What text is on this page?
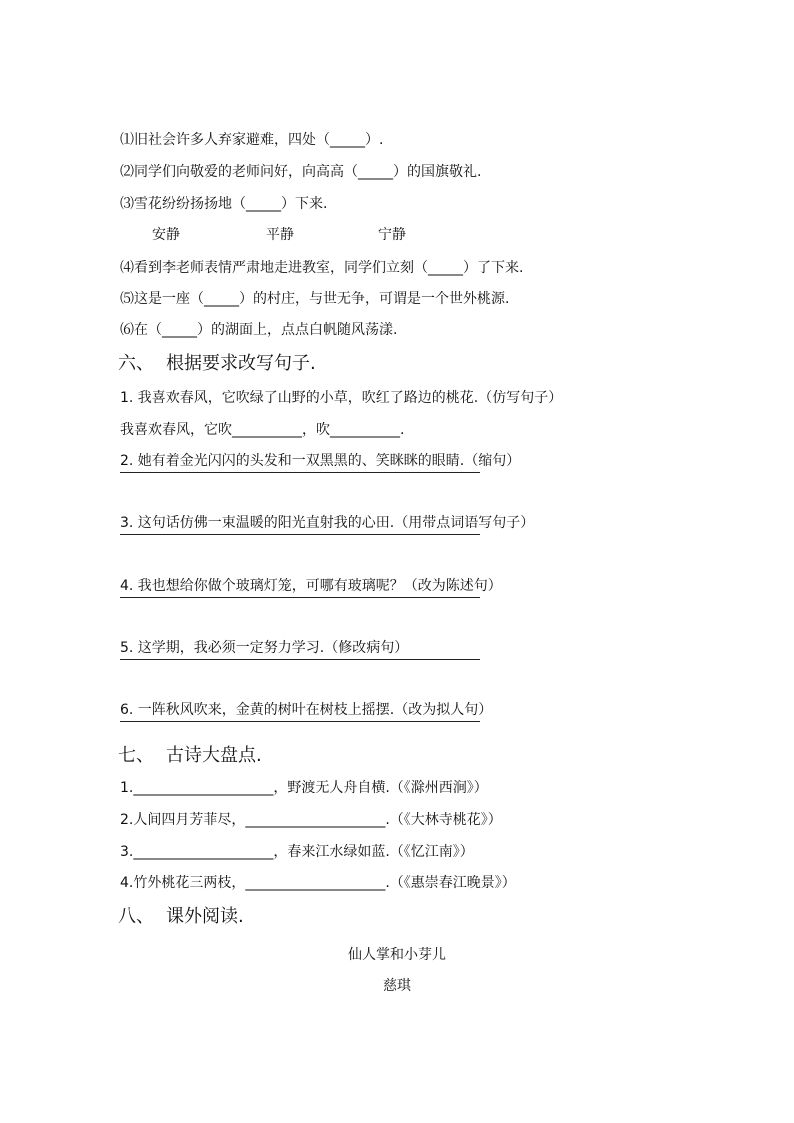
⑴旧社会许多人弃家避难，四处（_____）.
⑵同学们向敬爱的老师问好，向高高（_____）的国旗敬礼.
⑶雪花纷纷扬扬地（_____）下来.
安静	平静	宁静
⑷看到李老师表情严肃地走进教室，同学们立刻（_____）了下来.
⑸这是一座（_____）的村庄，与世无争，可谓是一个世外桃源.
⑹在（_____）的湖面上，点点白帆随风荡漾.
六、 根据要求改写句子.
1. 我喜欢春风，它吹绿了山野的小草，吹红了路边的桃花.（仿写句子）
我喜欢春风，它吹__________，吹__________.
2. 她有着金光闪闪的头发和一双黑黑的、笑眯眯的眼睛.（缩句）
3. 这句话仿佛一束温暖的阳光直射我的心田.（用带点词语写句子）
4. 我也想给你做个玻璃灯笼，可哪有玻璃呢？（改为陈述句）
5. 这学期，我必须一定努力学习.（修改病句）
6. 一阵秋风吹来，金黄的树叶在树枝上摇摆.（改为拟人句）
七、 古诗大盘点.
1.____________________，野渡无人舟自横.（《滁州西涧》）
2.人间四月芳菲尽，____________________.（《大林寺桃花》）
3.____________________，春来江水绿如蓝.（《忆江南》）
4.竹外桃花三两枝，____________________.（《惠崇春江晚景》）
八、 课外阅读.
仙人掌和小芽儿
慈琪
